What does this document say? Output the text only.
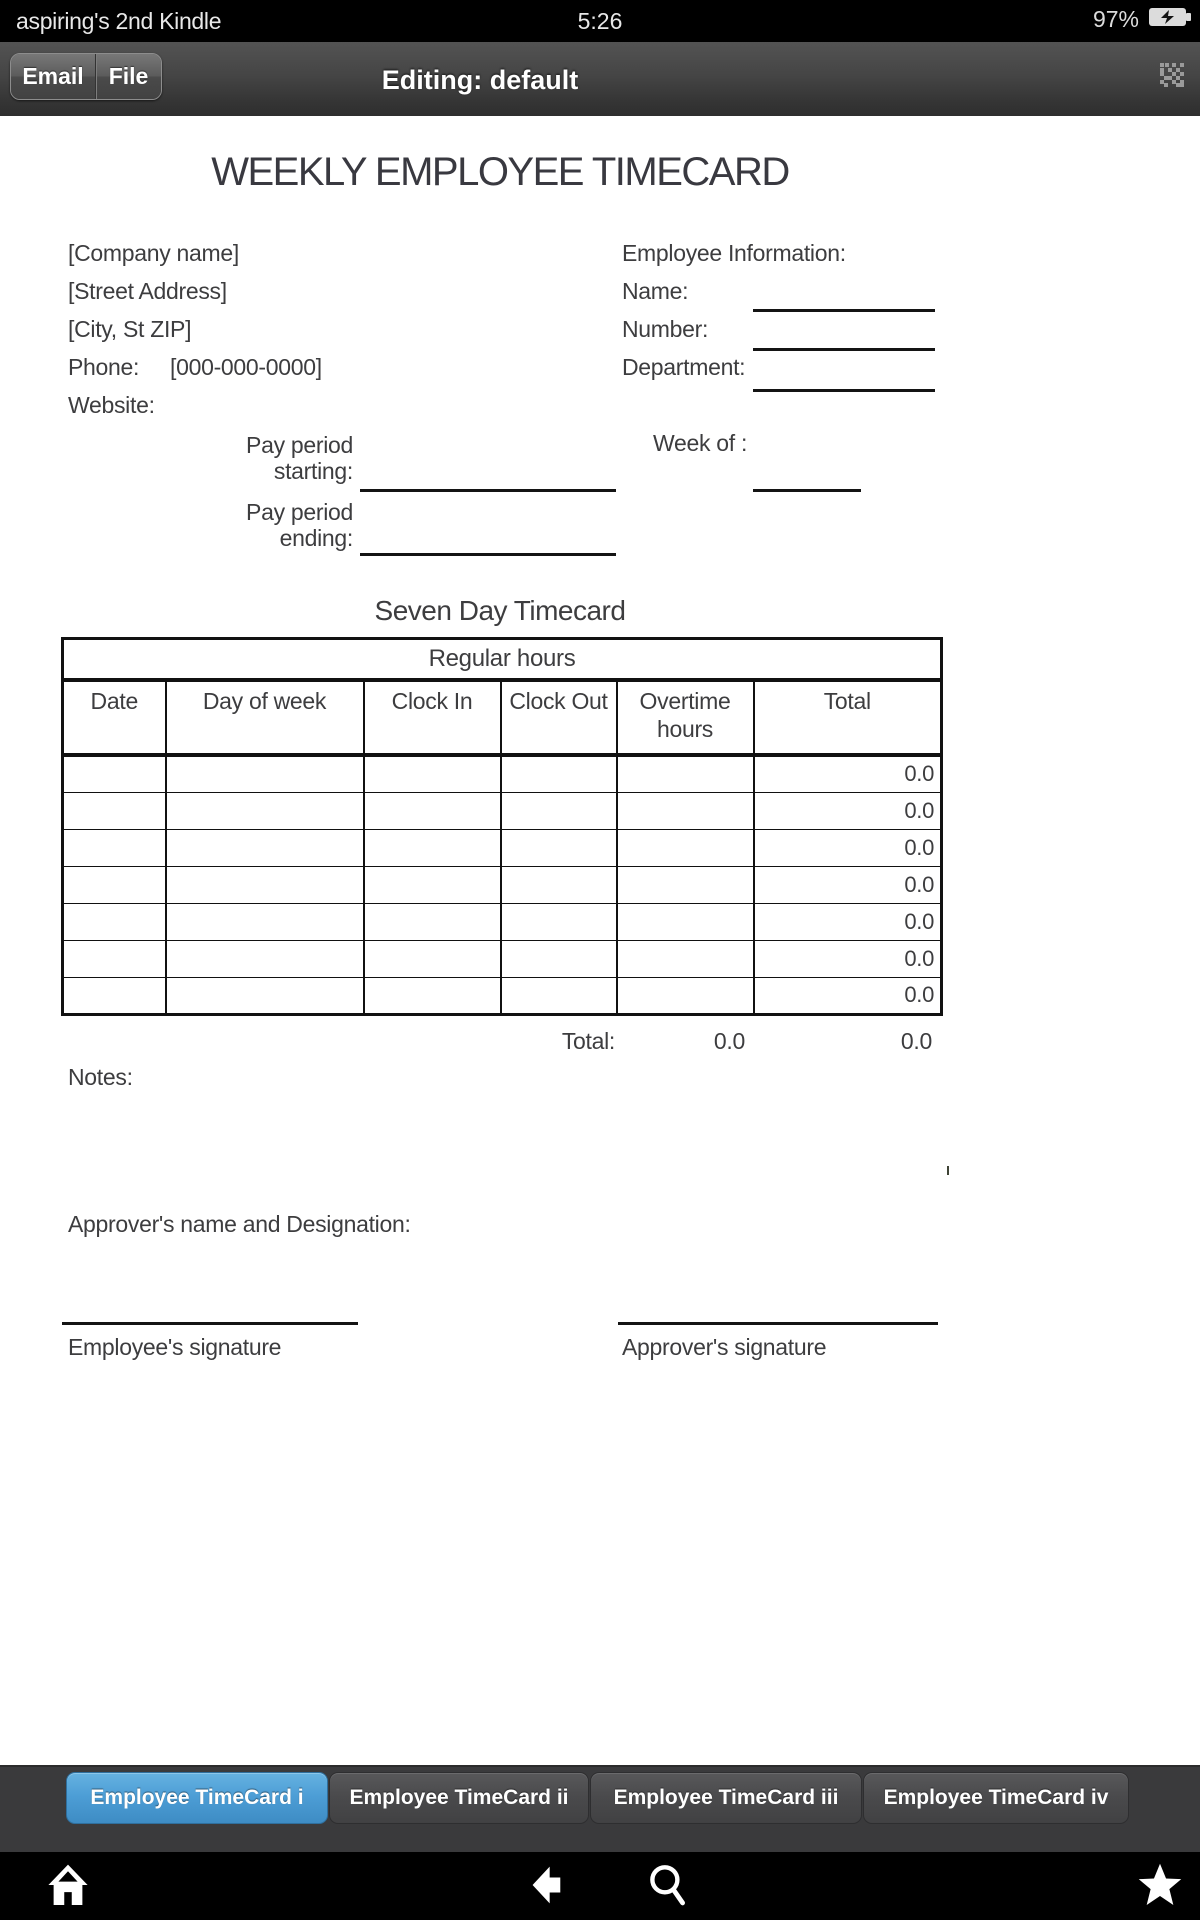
aspiring's 2nd Kindle	5:26	97%
Email	File	Editing: default
WEEKLY EMPLOYEE TIMECARD
[Company name]
[Street Address]
[City, St ZIP]
Phone: [000-000-0000]
Website:
Employee Information:
Name:
Number:
Department:
Pay period
starting:
Week of :
Pay period
ending:
Seven Day Timecard
Regular hours					
Date	Day of week	Clock In	Clock Out	Overtime hours	Total
					0.0
					0.0
					0.0
					0.0
					0.0
					0.0
					0.0
Total:	0.0	0.0
Notes:
Approver's name and Designation:
Employee's signature	Approver's signature
Employee TimeCard i	Employee TimeCard ii	Employee TimeCard iii	Employee TimeCard iv
